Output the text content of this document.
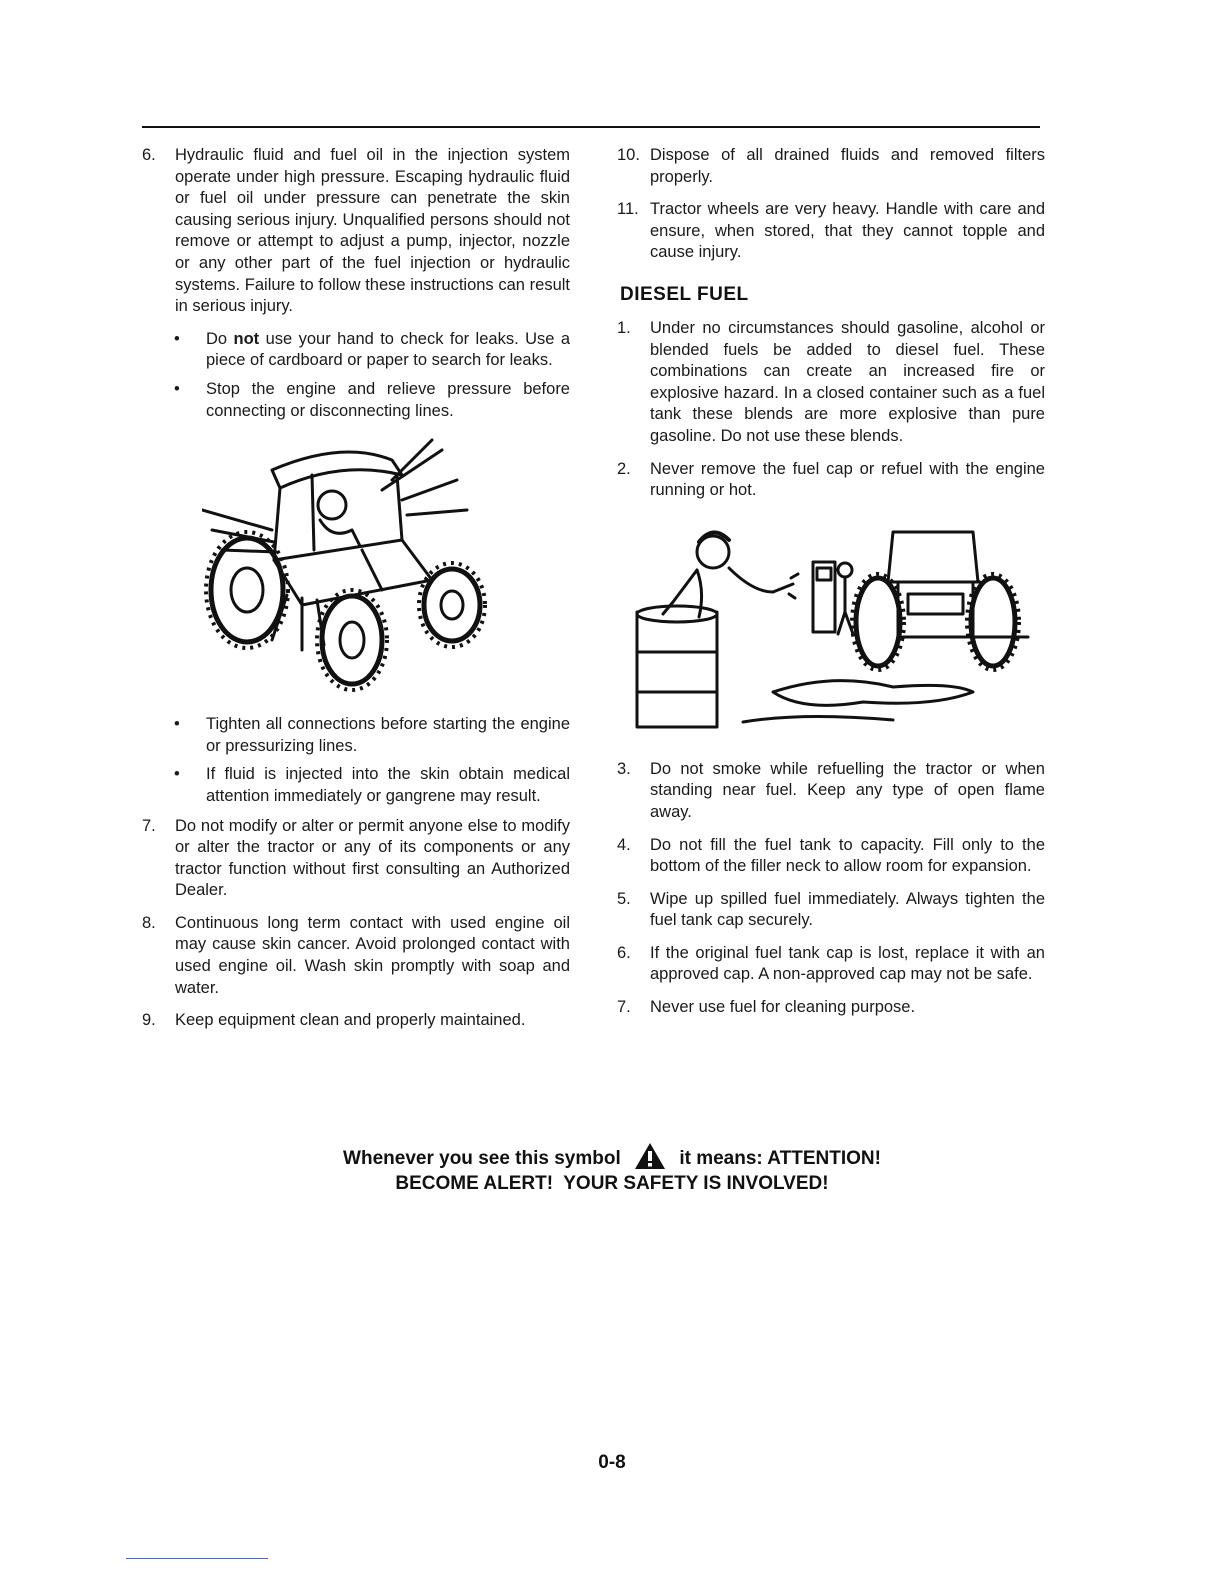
6. Hydraulic fluid and fuel oil in the injection system operate under high pressure. Escaping hydraulic fluid or fuel oil under pressure can penetrate the skin causing serious injury. Unqualified persons should not remove or attempt to adjust a pump, injector, nozzle or any other part of the fuel injection or hydraulic systems. Failure to follow these instructions can result in serious injury.
• Do not use your hand to check for leaks. Use a piece of cardboard or paper to search for leaks.
• Stop the engine and relieve pressure before connecting or disconnecting lines.
• Tighten all connections before starting the engine or pressurizing lines.
• If fluid is injected into the skin obtain medical attention immediately or gangrene may result.
7. Do not modify or alter or permit anyone else to modify or alter the tractor or any of its components or any tractor function without first consulting an Authorized Dealer.
8. Continuous long term contact with used engine oil may cause skin cancer. Avoid prolonged contact with used engine oil. Wash skin promptly with soap and water.
9. Keep equipment clean and properly maintained.
10. Dispose of all drained fluids and removed filters properly.
11. Tractor wheels are very heavy. Handle with care and ensure, when stored, that they cannot topple and cause injury.
DIESEL FUEL
1. Under no circumstances should gasoline, alcohol or blended fuels be added to diesel fuel. These combinations can create an increased fire or explosive hazard. In a closed container such as a fuel tank these blends are more explosive than pure gasoline. Do not use these blends.
2. Never remove the fuel cap or refuel with the engine running or hot.
3. Do not smoke while refuelling the tractor or when standing near fuel. Keep any type of open flame away.
4. Do not fill the fuel tank to capacity. Fill only to the bottom of the filler neck to allow room for expansion.
5. Wipe up spilled fuel immediately. Always tighten the fuel tank cap securely.
6. If the original fuel tank cap is lost, replace it with an approved cap. A non-approved cap may not be safe.
7. Never use fuel for cleaning purpose.
Whenever you see this symbol	it means: ATTENTION!
BECOME ALERT!  YOUR SAFETY IS INVOLVED!
0-8
